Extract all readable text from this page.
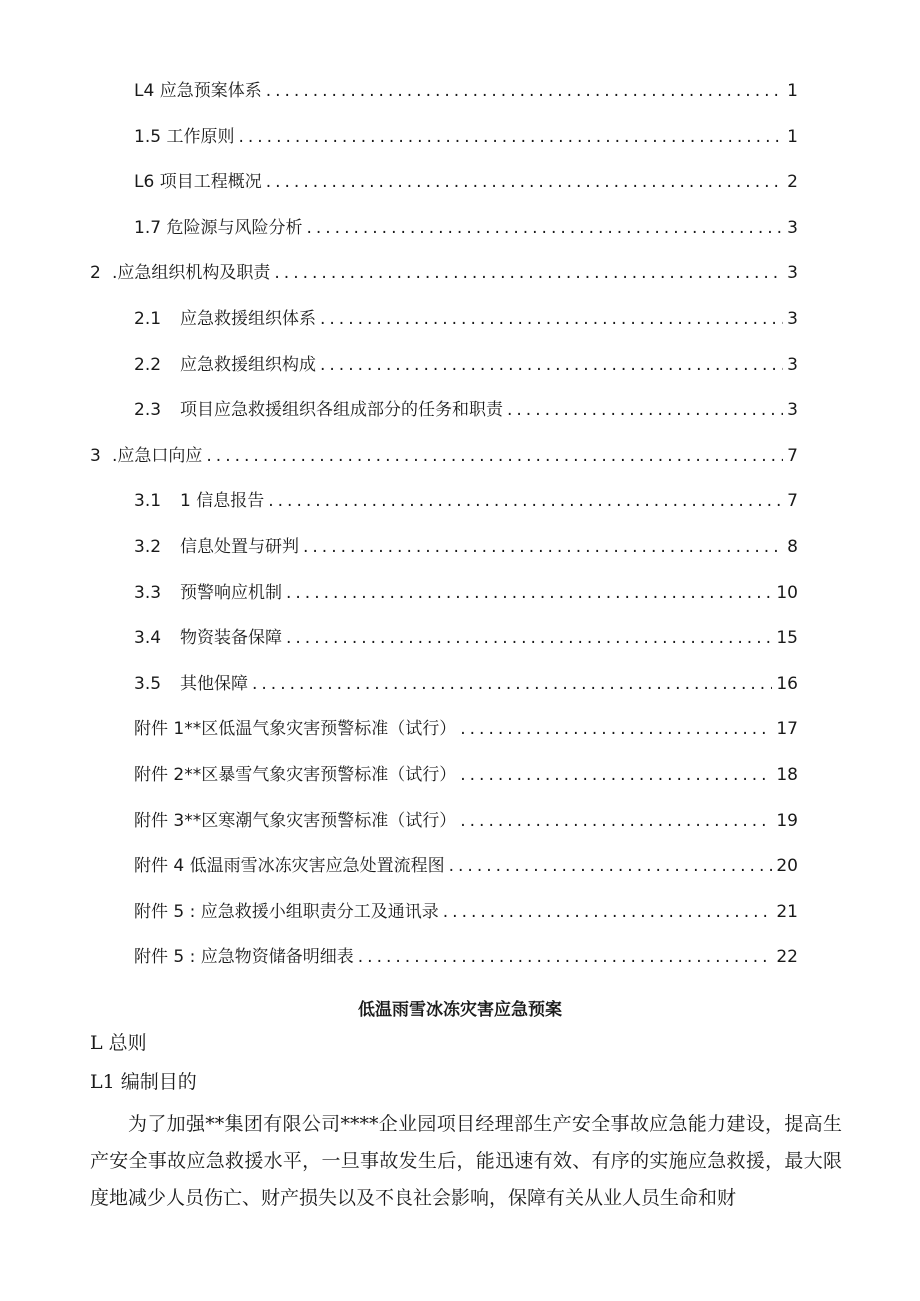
L4 应急预案体系 .....	1
1.5 工作原则 .....	1
L6 项目工程概况 .....	2
1.7 危险源与风险分析 .....	3
2 .应急组织机构及职责 .....	3
2.1	应急救援组织体系 .....	3
2.2	应急救援组织构成 .....	3
2.3	项目应急救援组织各组成部分的任务和职责 .....	3
3 .应急口向应 .....	7
3.1	1 信息报告 .....	7
3.2	信息处置与研判 .....	8
3.3	预警响应机制 .....	10
3.4	物资装备保障 .....	15
3.5	其他保障 .....	16
附件 1**区低温气象灾害预警标准（试行） .....	17
附件 2**区暴雪气象灾害预警标准（试行） .....	18
附件 3**区寒潮气象灾害预警标准（试行） .....	19
附件 4 低温雨雪冰冻灾害应急处置流程图 .....	20
附件 5 : 应急救援小组职责分工及通讯录 .....	21
附件 5 : 应急物资储备明细表 .....	22
低温雨雪冰冻灾害应急预案
L 总则
L1 编制目的
为了加强**集团有限公司****企业园项目经理部生产安全事故应急能力建设，提高生产安全事故应急救援水平，一旦事故发生后，能迅速有效、有序的实施应急救援，最大限度地减少人员伤亡、财产损失以及不良社会影响，保障有关从业人员生命和财
